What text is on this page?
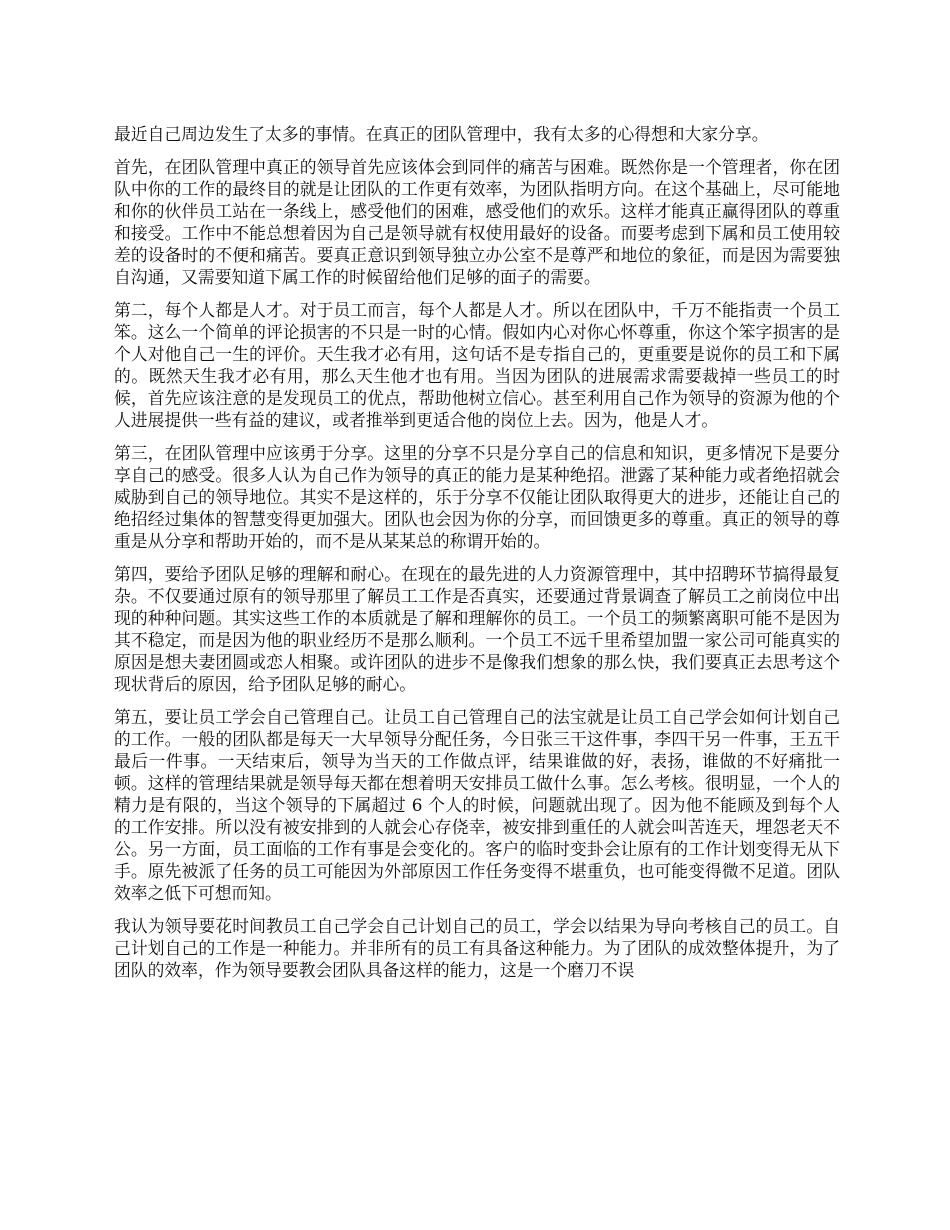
最近自己周边发生了太多的事情。在真正的团队管理中，我有太多的心得想和大家分享。

首先，在团队管理中真正的领导首先应该体会到同伴的痛苦与困难。既然你是一个管理者，你在团队中你的工作的最终目的就是让团队的工作更有效率，为团队指明方向。在这个基础上，尽可能地和你的伙伴员工站在一条线上，感受他们的困难，感受他们的欢乐。这样才能真正赢得团队的尊重和接受。工作中不能总想着因为自己是领导就有权使用最好的设备。而要考虑到下属和员工使用较差的设备时的不便和痛苦。要真正意识到领导独立办公室不是尊严和地位的象征，而是因为需要独自沟通，又需要知道下属工作的时候留给他们足够的面子的需要。

第二，每个人都是人才。对于员工而言，每个人都是人才。所以在团队中，千万不能指责一个员工笨。这么一个简单的评论损害的不只是一时的心情。假如内心对你心怀尊重，你这个笨字损害的是个人对他自己一生的评价。天生我才必有用，这句话不是专指自己的，更重要是说你的员工和下属的。既然天生我才必有用，那么天生他才也有用。当因为团队的进展需求需要裁掉一些员工的时候，首先应该注意的是发现员工的优点，帮助他树立信心。甚至利用自己作为领导的资源为他的个人进展提供一些有益的建议，或者推举到更适合他的岗位上去。因为，他是人才。

第三，在团队管理中应该勇于分享。这里的分享不只是分享自己的信息和知识，更多情况下是要分享自己的感受。很多人认为自己作为领导的真正的能力是某种绝招。泄露了某种能力或者绝招就会威胁到自己的领导地位。其实不是这样的，乐于分享不仅能让团队取得更大的进步，还能让自己的绝招经过集体的智慧变得更加强大。团队也会因为你的分享，而回馈更多的尊重。真正的领导的尊重是从分享和帮助开始的，而不是从某某总的称谓开始的。

第四，要给予团队足够的理解和耐心。在现在的最先进的人力资源管理中，其中招聘环节搞得最复杂。不仅要通过原有的领导那里了解员工工作是否真实，还要通过背景调查了解员工之前岗位中出现的种种问题。其实这些工作的本质就是了解和理解你的员工。一个员工的频繁离职可能不是因为其不稳定，而是因为他的职业经历不是那么顺利。一个员工不远千里希望加盟一家公司可能真实的原因是想夫妻团圆或恋人相聚。或许团队的进步不是像我们想象的那么快，我们要真正去思考这个现状背后的原因，给予团队足够的耐心。

第五，要让员工学会自己管理自己。让员工自己管理自己的法宝就是让员工自己学会如何计划自己的工作。一般的团队都是每天一大早领导分配任务，今日张三干这件事，李四干另一件事，王五干最后一件事。一天结束后，领导为当天的工作做点评，结果谁做的好，表扬，谁做的不好痛批一顿。这样的管理结果就是领导每天都在想着明天安排员工做什么事。怎么考核。很明显，一个人的精力是有限的，当这个领导的下属超过 6 个人的时候，问题就出现了。因为他不能顾及到每个人的工作安排。所以没有被安排到的人就会心存侥幸，被安排到重任的人就会叫苦连天，埋怨老天不公。另一方面，员工面临的工作有事是会变化的。客户的临时变卦会让原有的工作计划变得无从下手。原先被派了任务的员工可能因为外部原因工作任务变得不堪重负，也可能变得微不足道。团队效率之低下可想而知。

我认为领导要花时间教员工自己学会自己计划自己的员工，学会以结果为导向考核自己的员工。自己计划自己的工作是一种能力。并非所有的员工有具备这种能力。为了团队的成效整体提升，为了团队的效率，作为领导要教会团队具备这样的能力，这是一个磨刀不误
